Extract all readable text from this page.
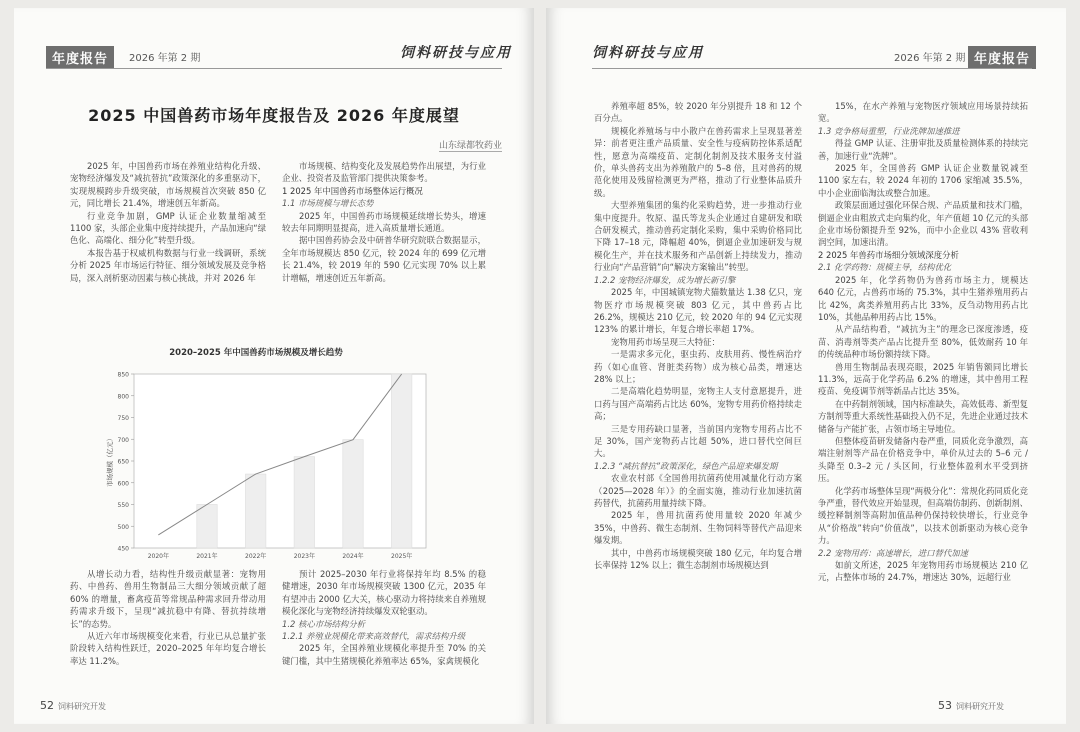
年度报告	2026 年第 2 期	饲料研技与应用
2025 中国兽药市场年度报告及 2026 年度展望
山东绿都牧药业

2025 年，中国兽药市场在养殖业结构化升级、宠物经济爆发及“减抗替抗”政策深化的多重驱动下，实现规模跨步升级突破，市场规模首次突破 850 亿元，同比增长 21.4%，增速创五年新高。

行业竞争加剧，GMP 认证企业数量缩减至 1100 家，头部企业集中度持续提升，产品加速向“绿色化、高端化、细分化”转型升级。

本报告基于权威机构数据与行业一线调研，系统分析 2025 年市场运行特征、细分领域发展及竞争格局，深入剖析驱动因素与核心挑战，并对 2026 年

市场规模、结构变化及发展趋势作出展望，为行业企业、投资者及监管部门提供决策参考。

1 2025 年中国兽药市场整体运行概况

1.1 市场规模与增长态势

2025 年，中国兽药市场规模延续增长势头，增速较去年同期明显提高，进入高质量增长通道。

据中国兽药协会及中研普华研究院联合数据显示，全年市场规模达 850 亿元，较 2024 年的 699 亿元增长 21.4%，较 2019 年的 590 亿元实现 70% 以上累计增幅，增速创近五年新高。

2020–2025 年中国兽药市场规模及增长趋势
450
500
550
600
650
700
750
800
850
市场规模（亿元）
2020年	2021年	2022年	2023年	2024年	2025年

从增长动力看，结构性升级贡献显著：宠物用药、中兽药、兽用生物制品三大细分领域贡献了超 60% 的增量，畜禽疫苗等常规品种需求回升带动用药需求升级下，呈现“减抗稳中有降、替抗持续增长”的态势。

从近六年市场规模变化来看，行业已从总量扩张阶段转入结构性跃迁，2020–2025 年年均复合增长率达 11.2%。

预计 2025–2030 年行业将保持年均 8.5% 的稳健增速，2030 年市场规模突破 1300 亿元，2035 年有望冲击 2000 亿大关，核心驱动力将持续来自养殖规模化深化与宠物经济持续爆发双轮驱动。

1.2 核心市场结构分析

1.2.1 养殖业规模化带来高效替代，需求结构升级

2025 年，全国养殖业规模化率提升至 70% 的关键门槛，其中生猪规模化养殖率达 65%，家禽规模化

52 饲料研究开发
饲料研技与应用	2026 年第 2 期 年度报告

养殖率超 85%，较 2020 年分别提升 18 和 12 个百分点。

规模化养殖场与中小散户在兽药需求上呈现显著差异：前者更注重产品质量、安全性与疫病防控体系适配性，愿意为高端疫苗、定制化制剂及技术服务支付溢价，单头兽药支出为养殖散户的 5–8 倍，且对兽药的规范化使用及残留检测更为严格，推动了行业整体品质升级。

大型养殖集团的集约化采购趋势，进一步推动行业集中度提升。牧原、温氏等龙头企业通过自建研发和联合研发模式，推动兽药定制化采购，集中采购价格同比下降 17–18 元，降幅超 40%，倒逼企业加速研发与规模化生产，并在技术服务和产品创新上持续发力，推动行业向“产品营销”向“解决方案输出”转型。

1.2.2 宠物经济爆发，成为增长新引擎

2025 年，中国城镇宠物犬猫数量达 1.38 亿只，宠物医疗市场规模突破 803 亿元，其中兽药占比 26.2%，规模达 210 亿元，较 2020 年的 94 亿元实现 123% 的累计增长，年复合增长率超 17%。

宠物用药市场呈现三大特征：

一是需求多元化，驱虫药、皮肤用药、慢性病治疗药（如心血管、肾脏类药物）成为核心品类，增速达 28% 以上；

二是高端化趋势明显，宠物主人支付意愿提升，进口药与国产高端药占比达 60%，宠物专用药价格持续走高；

三是专用药缺口显著，当前国内宠物专用药占比不足 30%，国产宠物药占比超 50%，进口替代空间巨大。

1.2.3 “减抗替抗”政策深化，绿色产品迎来爆发期

农业农村部《全国兽用抗菌药使用减量化行动方案（2025—2028 年）》的全面实施，推动行业加速抗菌药替代，抗菌药用量持续下降。

2025 年，兽用抗菌药使用量较 2020 年减少 35%，中兽药、微生态制剂、生物饲料等替代产品迎来爆发期。

其中，中兽药市场规模突破 180 亿元，年均复合增长率保持 12% 以上；微生态制剂市场规模达到

15%，在水产养殖与宠物医疗领域应用场景持续拓宽。

1.3 竞争格局重塑，行业洗牌加速推进

得益 GMP 认证、注册审批及质量检测体系的持续完善，加速行业“洗牌”。

2025 年，全国兽药 GMP 认证企业数量锐减至 1100 家左右，较 2024 年初的 1706 家缩减 35.5%，中小企业面临淘汰或整合加速。

政策层面通过强化环保合规、产品质量和技术门槛，倒逼企业由粗放式走向集约化，年产值超 10 亿元的头部企业市场份额提升至 92%，而中小企业以 43% 营收利润空间，加速出清。

2 2025 年兽药市场细分领域深度分析

2.1 化学药物：规模主导，结构优化

2025 年，化学药物仍为兽药市场主力，规模达 640 亿元，占兽药市场的 75.3%，其中生猪养殖用药占比 42%，禽类养殖用药占比 33%，反刍动物用药占比 10%，其他品种用药占比 15%。

从产品结构看，“减抗为主”的理念已深度渗透，疫苗、消毒剂等类产品占比提升至 80%，低效耐药 10 年的传统品种市场份额持续下降。

兽用生物制品表现亮眼，2025 年销售额同比增长 11.3%，远高于化学药品 6.2% 的增速，其中兽用工程疫苗、免疫调节剂等新品占比达 35%。

在中药制剂领域，国内标准缺失，高效低毒、新型复方制剂等重大系统性基础投入仍不足，先进企业通过技术储备与产能扩张，占领市场主导地位。

但整体疫苗研发储备内卷严重，同质化竞争激烈，高端注射剂等产品在价格竞争中，单价从过去的 5–6 元 / 头降至 0.3–2 元 / 头区间，行业整体盈利水平受到挤压。

化学药市场整体呈现“两极分化”：常规化药同质化竞争严重，替代效应开始显现，但高端仿制药、创新制剂、缓控释制剂等高附加值品种仍保持较快增长，行业竞争从“价格战”转向“价值战”，以技术创新驱动为核心竞争力。

2.2 宠物用药：高速增长，进口替代加速

如前文所述，2025 年宠物用药市场规模达 210 亿元，占整体市场的 24.7%，增速达 30%，远超行业

53 饲料研究开发
